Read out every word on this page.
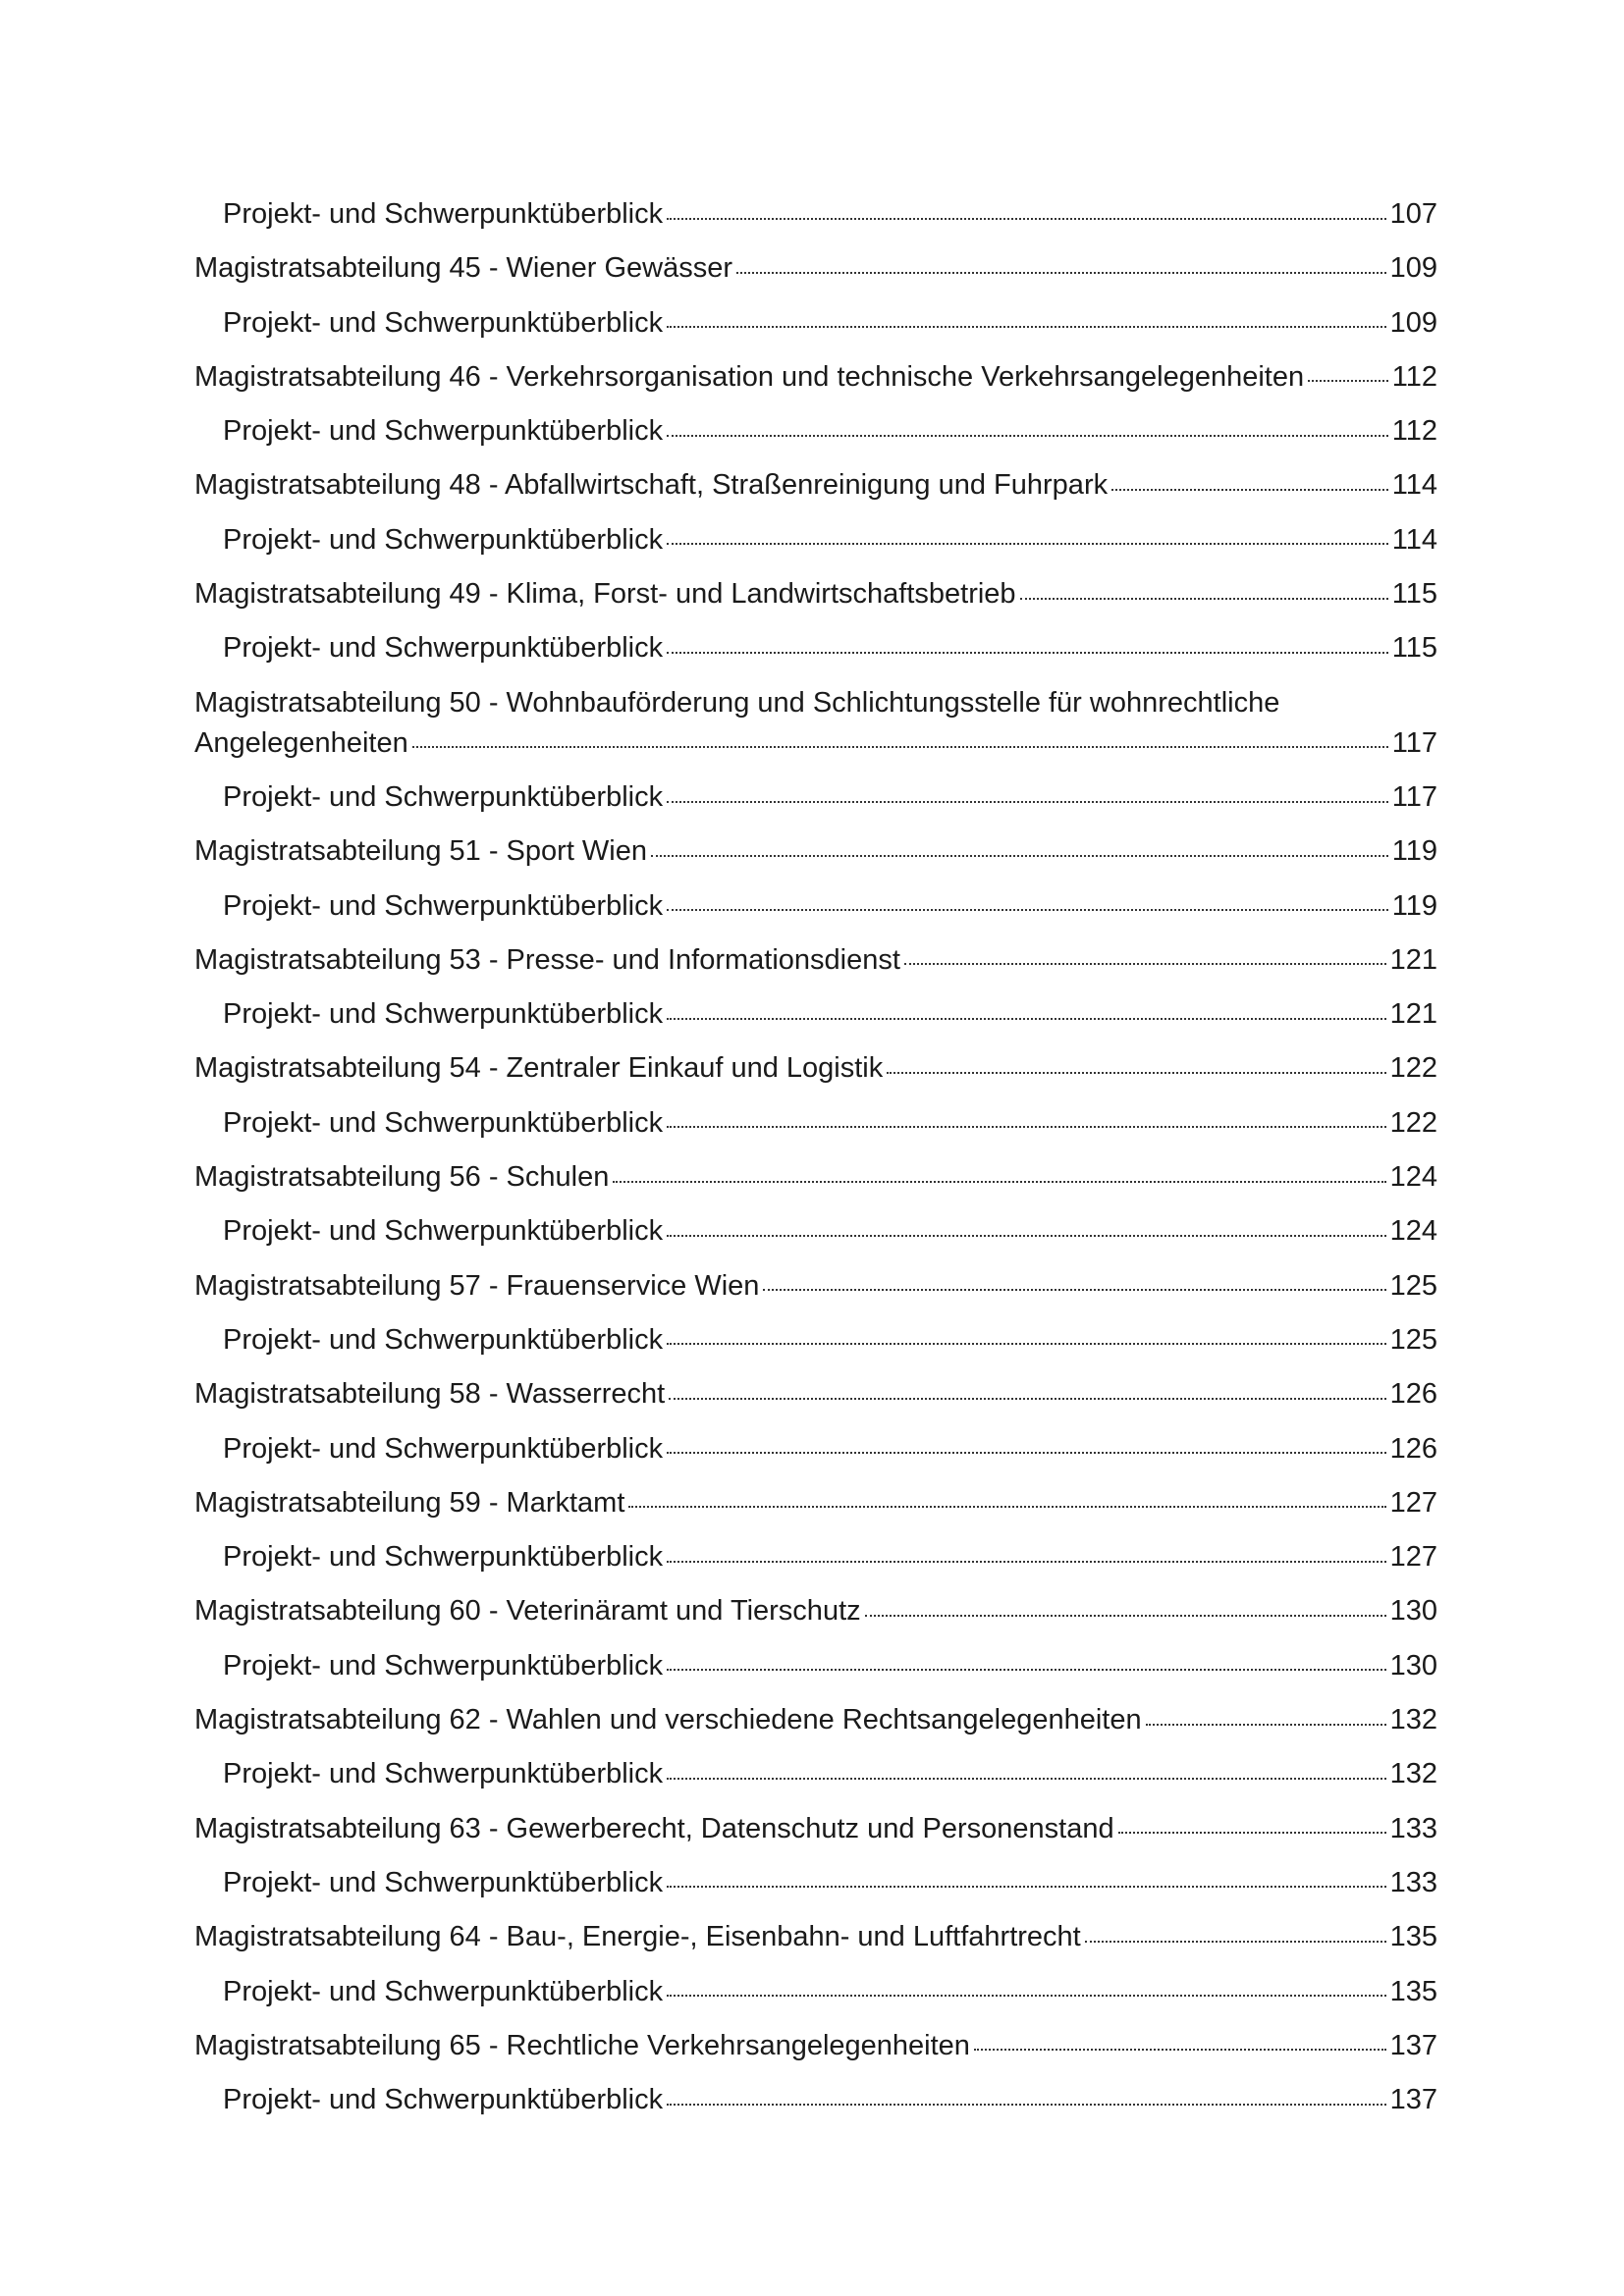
Projekt- und Schwerpunktüberblick	107
Magistratsabteilung 45 - Wiener Gewässer	109
Projekt- und Schwerpunktüberblick	109
Magistratsabteilung 46 - Verkehrsorganisation und technische Verkehrsangelegenheiten	112
Projekt- und Schwerpunktüberblick	112
Magistratsabteilung 48 - Abfallwirtschaft, Straßenreinigung und Fuhrpark	114
Projekt- und Schwerpunktüberblick	114
Magistratsabteilung 49 - Klima, Forst- und Landwirtschaftsbetrieb	115
Projekt- und Schwerpunktüberblick	115
Magistratsabteilung 50 - Wohnbauförderung und Schlichtungsstelle für wohnrechtliche
Angelegenheiten	117
Projekt- und Schwerpunktüberblick	117
Magistratsabteilung 51 - Sport Wien	119
Projekt- und Schwerpunktüberblick	119
Magistratsabteilung 53 - Presse- und Informationsdienst	121
Projekt- und Schwerpunktüberblick	121
Magistratsabteilung 54 - Zentraler Einkauf und Logistik	122
Projekt- und Schwerpunktüberblick	122
Magistratsabteilung 56 - Schulen	124
Projekt- und Schwerpunktüberblick	124
Magistratsabteilung 57 - Frauenservice Wien	125
Projekt- und Schwerpunktüberblick	125
Magistratsabteilung 58 - Wasserrecht	126
Projekt- und Schwerpunktüberblick	126
Magistratsabteilung 59 - Marktamt	127
Projekt- und Schwerpunktüberblick	127
Magistratsabteilung 60 - Veterinäramt und Tierschutz	130
Projekt- und Schwerpunktüberblick	130
Magistratsabteilung 62 - Wahlen und verschiedene Rechtsangelegenheiten	132
Projekt- und Schwerpunktüberblick	132
Magistratsabteilung 63 - Gewerberecht, Datenschutz und Personenstand	133
Projekt- und Schwerpunktüberblick	133
Magistratsabteilung 64 - Bau-, Energie-, Eisenbahn- und Luftfahrtrecht	135
Projekt- und Schwerpunktüberblick	135
Magistratsabteilung 65 - Rechtliche Verkehrsangelegenheiten	137
Projekt- und Schwerpunktüberblick	137
